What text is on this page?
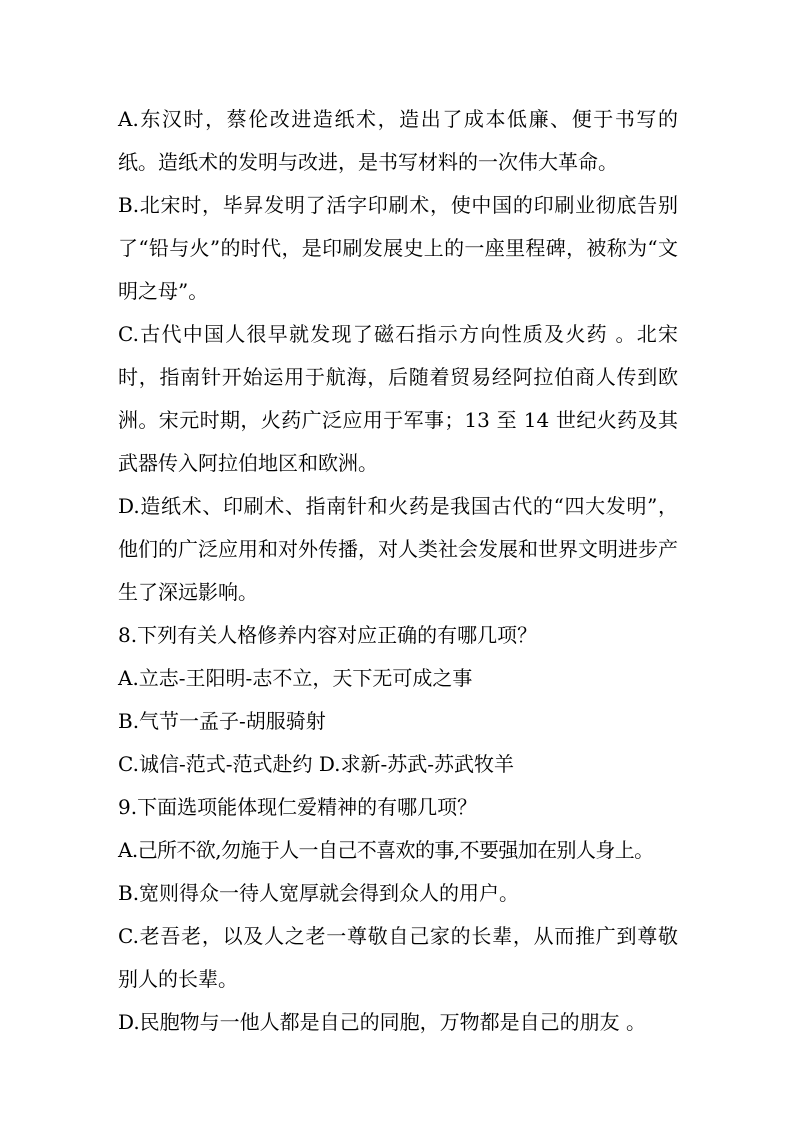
A.东汉时，蔡伦改进造纸术，造出了成本低廉、便于书写的纸。造纸术的发明与改进，是书写材料的一次伟大革命。

B.北宋时，毕昇发明了活字印刷术，使中国的印刷业彻底告别了“铅与火”的时代，是印刷发展史上的一座里程碑，被称为“文明之母”。

C.古代中国人很早就发现了磁石指示方向性质及火药 。北宋时，指南针开始运用于航海，后随着贸易经阿拉伯商人传到欧洲。宋元时期，火药广泛应用于军事；13 至 14 世纪火药及其武器传入阿拉伯地区和欧洲。

D.造纸术、印刷术、指南针和火药是我国古代的“四大发明”，他们的广泛应用和对外传播，对人类社会发展和世界文明进步产生了深远影响。

8.下列有关人格修养内容对应正确的有哪几项？

A.立志-王阳明-志不立，天下无可成之事

B.气节一孟子-胡服骑射

C.诚信-范式-范式赴约 D.求新-苏武-苏武牧羊

9.下面选项能体现仁爱精神的有哪几项？

A.己所不欲,勿施于人一自己不喜欢的事,不要强加在别人身上。

B.宽则得众一待人宽厚就会得到众人的用户。

C.老吾老，以及人之老一尊敬自己家的长辈，从而推广到尊敬别人的长辈。

D.民胞物与一他人都是自己的同胞，万物都是自己的朋友 。
